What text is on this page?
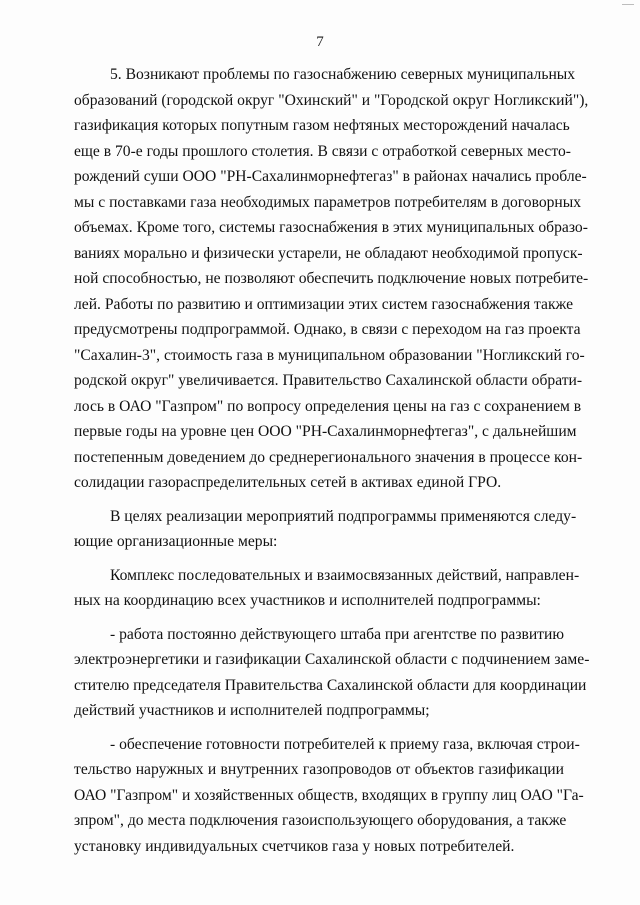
7
5. Возникают проблемы по газоснабжению северных муниципальных
образований (городской округ "Охинский" и "Городской округ Ногликский"),
газификация которых попутным газом нефтяных месторождений началась
еще в 70-е годы прошлого столетия. В связи с отработкой северных место-
рождений суши ООО "РН-Сахалинморнефтегаз" в районах начались пробле-
мы с поставками газа необходимых параметров потребителям в договорных
объемах. Кроме того, системы газоснабжения в этих муниципальных образо-
ваниях морально и физически устарели, не обладают необходимой пропуск-
ной способностью, не позволяют обеспечить подключение новых потребите-
лей. Работы по развитию и оптимизации этих систем газоснабжения также
предусмотрены подпрограммой. Однако, в связи с переходом на газ проекта
"Сахалин-3", стоимость газа в муниципальном образовании "Ногликский го-
родской округ" увеличивается. Правительство Сахалинской области обрати-
лось в ОАО "Газпром" по вопросу определения цены на газ с сохранением в
первые годы на уровне цен ООО "РН-Сахалинморнефтегаз", с дальнейшим
постепенным доведением до среднерегионального значения в процессе кон-
солидации газораспределительных сетей в активах единой ГРО.
В целях реализации мероприятий подпрограммы применяются следу-
ющие организационные меры:
Комплекс последовательных и взаимосвязанных действий, направлен-
ных на координацию всех участников и исполнителей подпрограммы:
- работа постоянно действующего штаба при агентстве по развитию
электроэнергетики и газификации Сахалинской области с подчинением заме-
стителю председателя Правительства Сахалинской области для координации
действий участников и исполнителей подпрограммы;
- обеспечение готовности потребителей к приему газа, включая строи-
тельство наружных и внутренних газопроводов от объектов газификации
ОАО "Газпром" и хозяйственных обществ, входящих в группу лиц ОАО "Га-
зпром", до места подключения газоиспользующего оборудования, а также
установку индивидуальных счетчиков газа у новых потребителей.
